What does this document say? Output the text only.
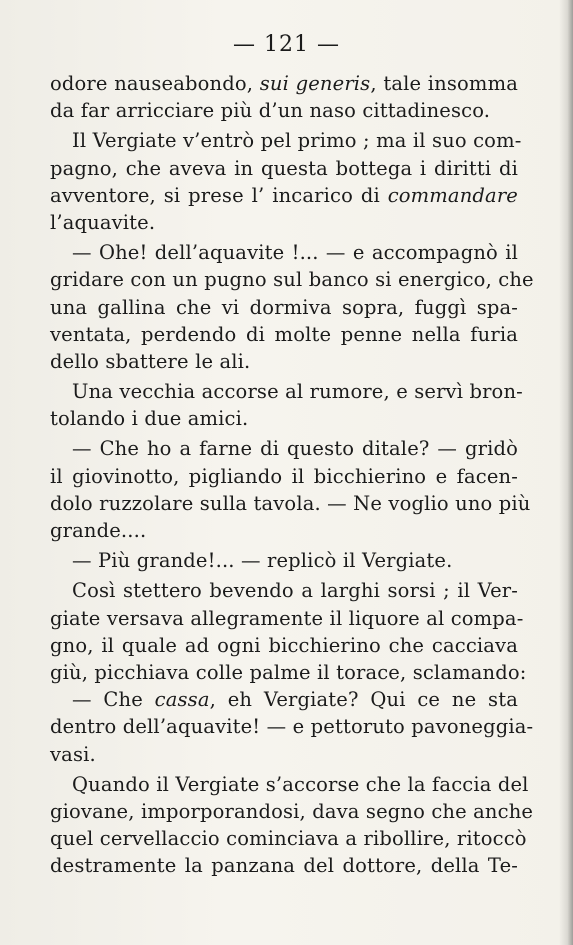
— 121 —
odore nauseabondo, sui generis, tale insomma
da far arricciare più d’un naso cittadinesco.
Il Vergiate v’entrò pel primo ; ma il suo com-
pagno, che aveva in questa bottega i diritti di
avventore, si prese l’ incarico di commandare
l’aquavite.
— Ohe! dell’aquavite !... — e accompagnò il
gridare con un pugno sul banco si energico, che
una gallina che vi dormiva sopra, fuggì spa-
ventata, perdendo di molte penne nella furia
dello sbattere le ali.
Una vecchia accorse al rumore, e servì bron-
tolando i due amici.
— Che ho a farne di questo ditale? — gridò
il giovinotto, pigliando il bicchierino e facen-
dolo ruzzolare sulla tavola. — Ne voglio uno più
grande....
— Più grande!... — replicò il Vergiate.
Così stettero bevendo a larghi sorsi ; il Ver-
giate versava allegramente il liquore al compa-
gno, il quale ad ogni bicchierino che cacciava
giù, picchiava colle palme il torace, sclamando:
— Che cassa, eh Vergiate? Qui ce ne sta
dentro dell’aquavite! — e pettoruto pavoneggia-
vasi.
Quando il Vergiate s’accorse che la faccia del
giovane, imporporandosi, dava segno che anche
quel cervellaccio cominciava a ribollire, ritoccò
destramente la panzana del dottore, della Te-
